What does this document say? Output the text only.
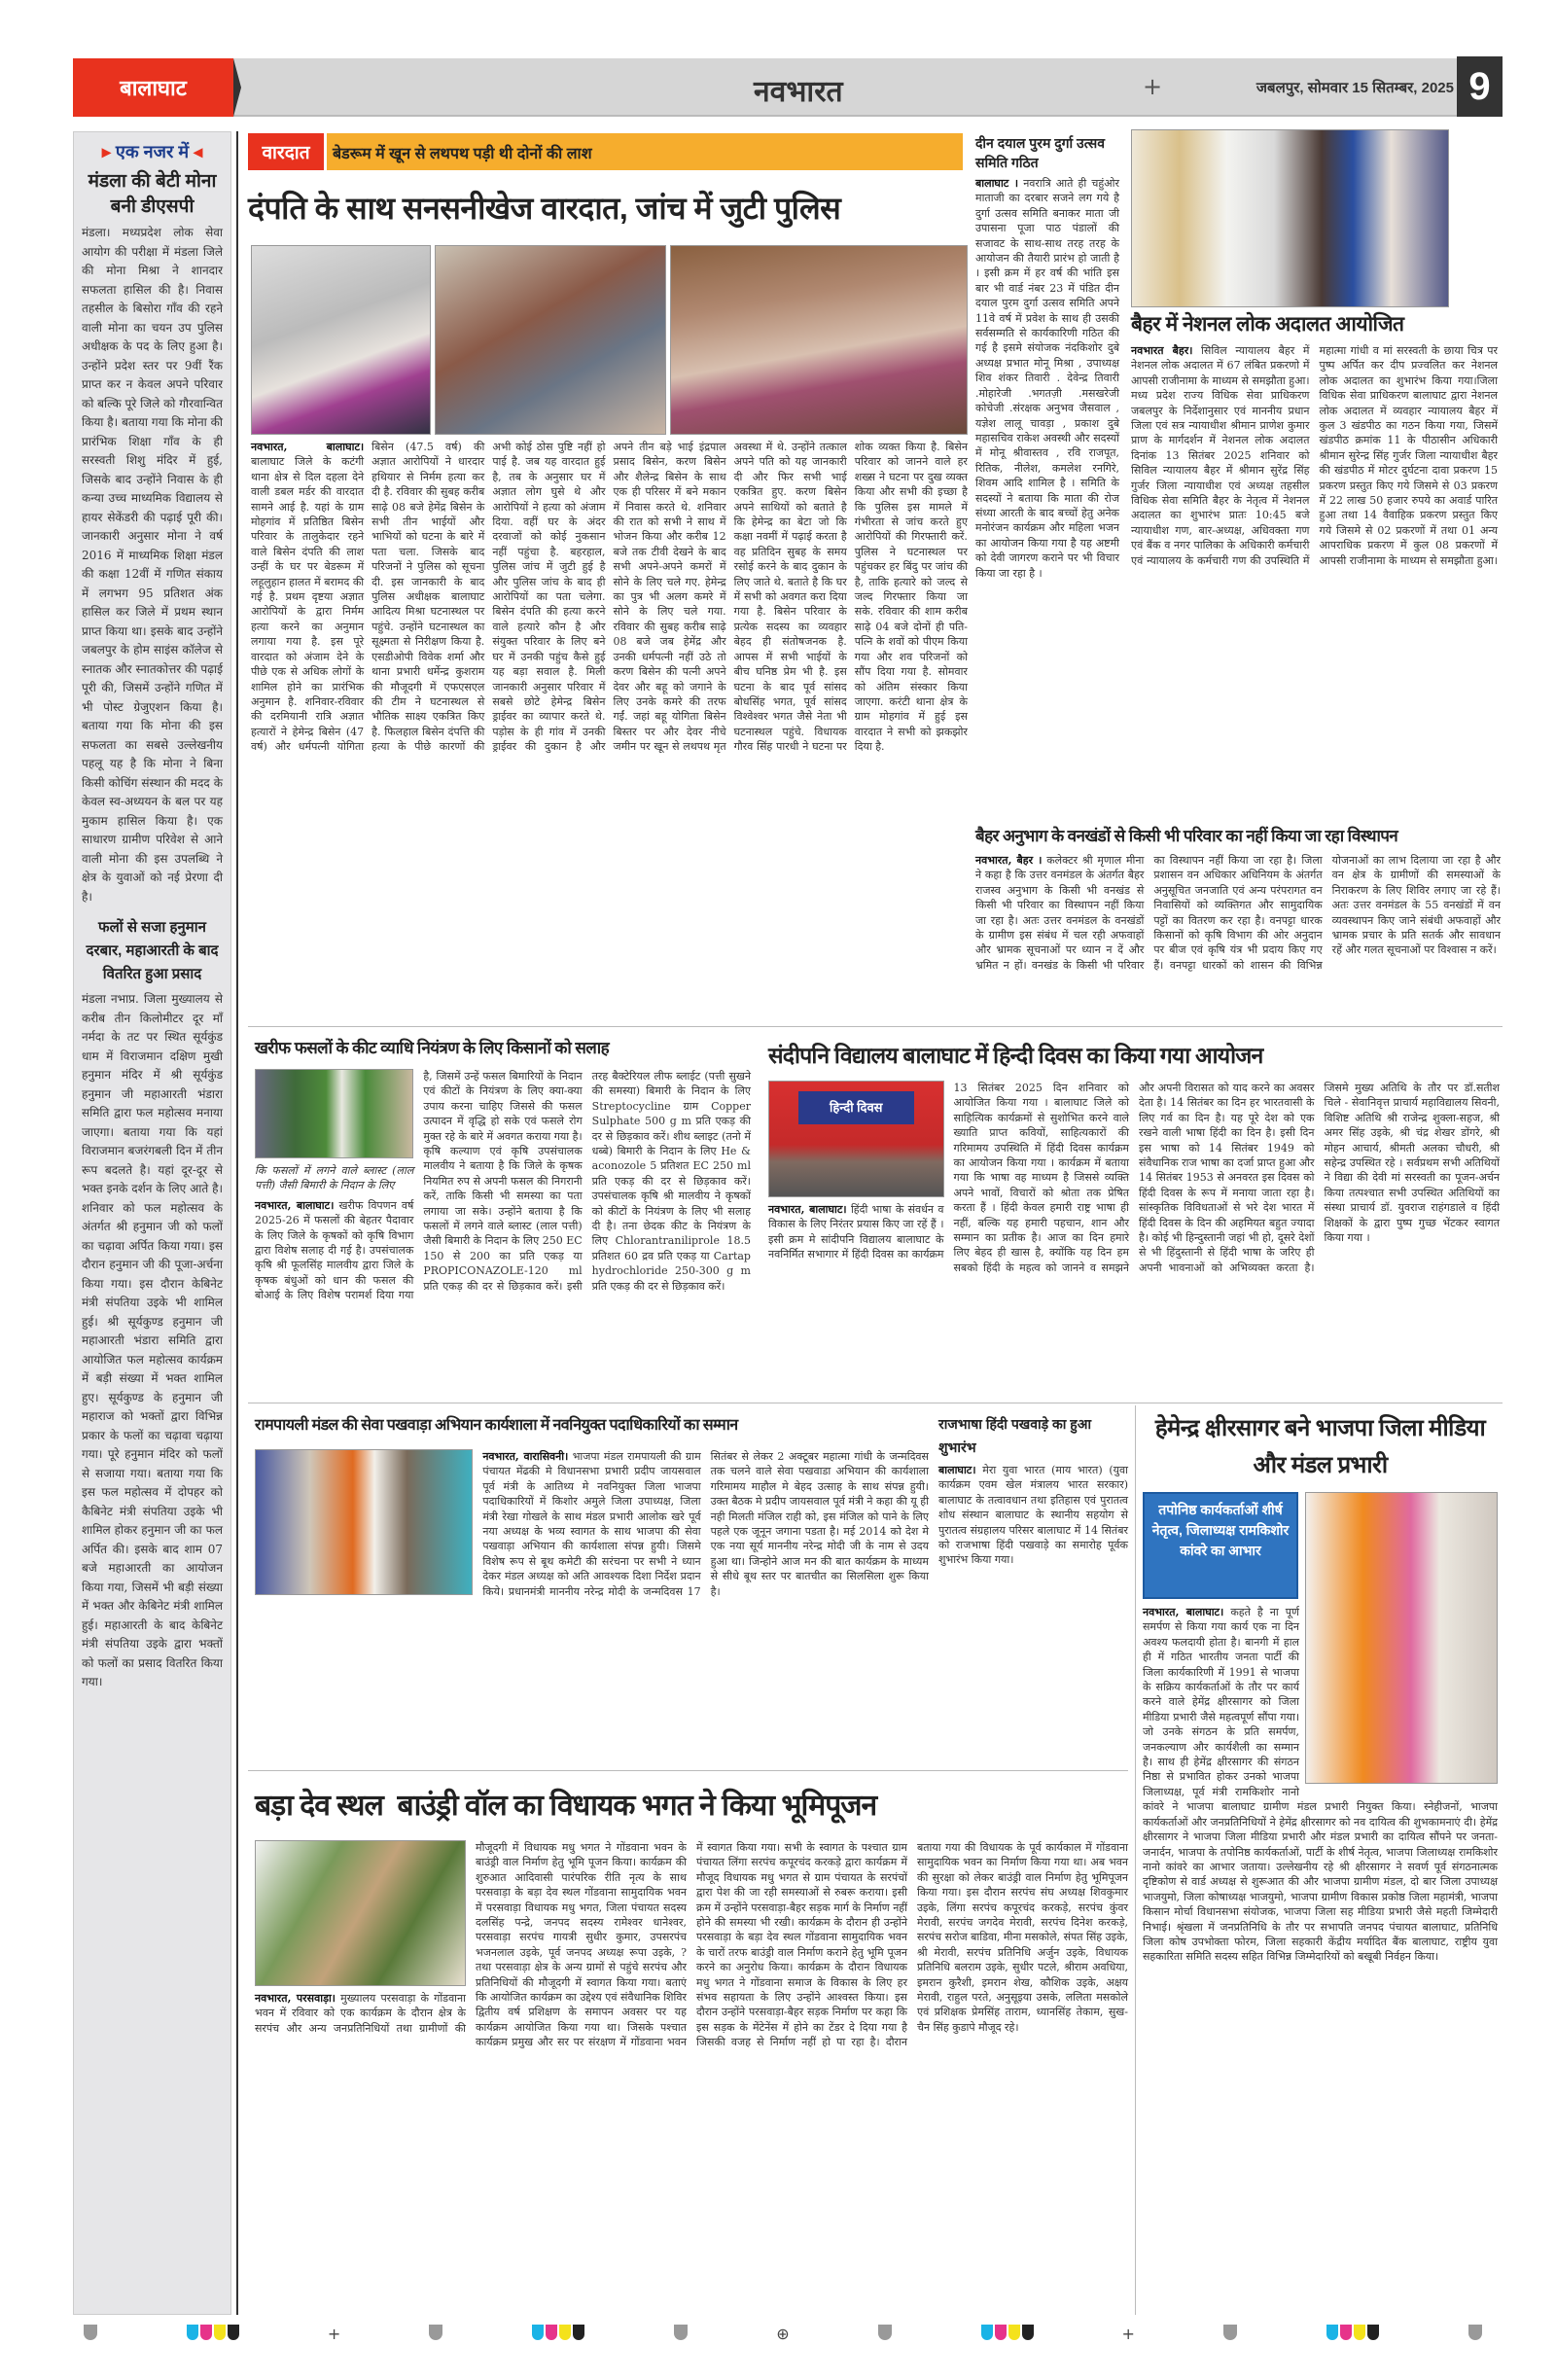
बालाघाट	नवभारत	+	जबलपुर, सोमवार 15 सितम्बर, 2025 9
▸ एक नजर में ◂
मंडला की बेटी मोना बनी डीएसपी
मंडला। मध्यप्रदेश लोक सेवा आयोग की परीक्षा में मंडला जिले की मोना मिश्रा ने शानदार सफलता हासिल की है। निवास तहसील के बिसोरा गाँव की रहने वाली मोना का चयन उप पुलिस अधीक्षक के पद के लिए हुआ है। उन्होंने प्रदेश स्तर पर 9वीं रैंक प्राप्त कर न केवल अपने परिवार को बल्कि पूरे जिले को गौरवान्वित किया है। बताया गया कि मोना की प्रारंभिक शिक्षा गाँव के ही सरस्वती शिशु मंदिर में हुई, जिसके बाद उन्होंने निवास के ही कन्या उच्च माध्यमिक विद्यालय से हायर सेकेंडरी की पढ़ाई पूरी की। जानकारी अनुसार मोना ने वर्ष 2016 में माध्यमिक शिक्षा मंडल की कक्षा 12वीं में गणित संकाय में लगभग 95 प्रतिशत अंक हासिल कर जिले में प्रथम स्थान प्राप्त किया था। इसके बाद उन्होंने जबलपुर के होम साइंस कॉलेज से स्नातक और स्नातकोत्तर की पढ़ाई पूरी की, जिसमें उन्होंने गणित में भी पोस्ट ग्रेजुएशन किया है। बताया गया कि मोना की इस सफलता का सबसे उल्लेखनीय पहलू यह है कि मोना ने बिना किसी कोचिंग संस्थान की मदद के केवल स्व-अध्ययन के बल पर यह मुकाम हासिल किया है। एक साधारण ग्रामीण परिवेश से आने वाली मोना की इस उपलब्धि ने क्षेत्र के युवाओं को नई प्रेरणा दी है।
फलों से सजा हनुमान दरबार, महाआरती के बाद वितरित हुआ प्रसाद
मंडला नभाप्र. जिला मुख्यालय से करीब तीन किलोमीटर दूर माँ नर्मदा के तट पर स्थित सूर्यकुंड धाम में विराजमान दक्षिण मुखी हनुमान मंदिर में श्री सूर्यकुंड हनुमान जी महाआरती भंडारा समिति द्वारा फल महोत्सव मनाया जाएगा। बताया गया कि यहां विराजमान बजरंगबली दिन में तीन रूप बदलते है। यहां दूर-दूर से भक्त इनके दर्शन के लिए आते है। शनिवार को फल महोत्सव के अंतर्गत श्री हनुमान जी को फलों का चढ़ावा अर्पित किया गया। इस दौरान हनुमान जी की पूजा-अर्चना किया गया। इस दौरान केबिनेट मंत्री संपतिया उइके भी शामिल हुई। श्री सूर्यकुण्ड हनुमान जी महाआरती भंडारा समिति द्वारा आयोजित फल महोत्सव कार्यक्रम में बड़ी संख्या में भक्त शामिल हुए। सूर्यकुण्ड के हनुमान जी महाराज को भक्तों द्वारा विभिन्न प्रकार के फलों का चढ़ावा चढ़ाया गया। पूरे हनुमान मंदिर को फलों से सजाया गया। बताया गया कि इस फल महोत्सव में दोपहर को कैबिनेट मंत्री संपतिया उइके भी शामिल होकर हनुमान जी का फल अर्पित की। इसके बाद शाम 07 बजे महाआरती का आयोजन किया गया, जिसमें भी बड़ी संख्या में भक्त और केबिनेट मंत्री शामिल हुई। महाआरती के बाद केबिनेट मंत्री संपतिया उइके द्वारा भक्तों को फलों का प्रसाद वितरित किया गया।
वारदात	बेडरूम में खून से लथपथ पड़ी थी दोनों की लाश
दंपति के साथ सनसनीखेज वारदात, जांच में जुटी पुलिस
नवभारत, बालाघाट। बालाघाट जिले के कटंगी थाना क्षेत्र से दिल दहला देने वाली डबल मर्डर की वारदात सामने आई है. यहां के ग्राम मोहगांव में प्रतिष्ठित बिसेन परिवार के तालुकेदार रहने वाले बिसेन दंपति की लाश उन्हीं के घर पर बेडरूम में लहूलुहान हालत में बरामद की गई है. प्रथम दृष्टया अज्ञात आरोपियों के द्वारा निर्मम हत्या करने का अनुमान लगाया गया है. इस पूरे वारदात को अंजाम देने के पीछे एक से अधिक लोगों के शामिल होने का प्रारंभिक अनुमान है. शनिवार-रविवार की दरमियानी रात्रि अज्ञात हत्यारों ने हेमेन्द्र बिसेन (47 वर्ष) और धर्मपत्नी योगिता बिसेन (47.5 वर्ष) की अज्ञात आरोपियों ने धारदार हथियार से निर्मम हत्या कर दी है. रविवार की सुबह करीब साढ़े 08 बजे हेमेंद्र बिसेन के सभी तीन भाईयों और भाभियों को घटना के बारे में पता चला. जिसके बाद परिजनों ने पुलिस को सूचना दी. इस जानकारी के बाद पुलिस अधीक्षक बालाघाट आदित्य मिश्रा घटनास्थल पर पहुंचे. उन्होंने घटनास्थल का सूक्ष्मता से निरीक्षण किया है. एसडीओपी विवेक शर्मा और थाना प्रभारी धर्मेन्द्र कुशराम की मौजूदगी में एफएसएल की टीम ने घटनास्थल से भौतिक साक्ष्य एकत्रित किए है. फिलहाल बिसेन दंपत्ति की हत्या के पीछे कारणों की अभी कोई ठोस पुष्टि नहीं हो पाई है. जब यह वारदात हुई है, तब के अनुसार घर में अज्ञात लोग घुसे थे और आरोपियों ने हत्या को अंजाम दिया. वहीं घर के अंदर दरवाजों को कोई नुकसान नहीं पहुंचा है. बहरहाल, पुलिस जांच में जुटी हुई है और पुलिस जांच के बाद ही आरोपियों का पता चलेगा. बिसेन दंपति की हत्या करने वाले हत्यारे कौन है और संयुक्त परिवार के लिए बने घर में उनकी पहुंच कैसे हुई यह बड़ा सवाल है. मिली जानकारी अनुसार परिवार में सबसे छोटे हेमेन्द्र बिसेन ड्राईवर का व्यापार करते थे. पड़ोस के ही गांव में उनकी ड्राईवर की दुकान है और अपने तीन बड़े भाई इंद्रपाल प्रसाद बिसेन, करण बिसेन और शैलेन्द्र बिसेन के साथ एक ही परिसर में बने मकान में निवास करते थे. शनिवार की रात को सभी ने साथ में भोजन किया और करीब 12 बजे तक टीवी देखने के बाद सभी अपने-अपने कमरों में सोने के लिए चले गए. हेमेन्द्र का पुत्र भी अलग कमरे में सोने के लिए चले गया. रविवार की सुबह करीब साढ़े 08 बजे जब हेमेंद्र और उनकी धर्मपत्नी नहीं उठे तो करण बिसेन की पत्नी अपने देवर और बहू को जगाने के लिए उनके कमरे की तरफ गईं. जहां बहू योगिता बिसेन बिस्तर पर और देवर नीचे जमीन पर खून से लथपथ मृत अवस्था में थे. उन्होंने तत्काल अपने पति को यह जानकारी दी और फिर सभी भाई एकत्रित हुए. करण बिसेन अपने साथियों को बताते है कि हेमेन्द्र का बेटा जो कि कक्षा नवमीं में पढ़ाई करता है वह प्रतिदिन सुबह के समय रसोई करने के बाद दुकान के लिए जाते थे. बताते है कि घर में सभी को अवगत करा दिया गया है. बिसेन परिवार के प्रत्येक सदस्य का व्यवहार बेहद ही संतोषजनक है. आपस में सभी भाईयों के बीच घनिष्ठ प्रेम भी है. इस घटना के बाद पूर्व सांसद बोधसिंह भगत, पूर्व सांसद विश्वेश्वर भगत जैसे नेता भी घटनास्थल पहुंचे. विधायक गौरव सिंह पारधी ने घटना पर शोक व्यक्त किया है. बिसेन परिवार को जानने वाले हर शख्स ने घटना पर दुख व्यक्त किया और सभी की इच्छा है कि पुलिस इस मामले में गंभीरता से जांच करते हुए आरोपियों की गिरफ्तारी करें. पुलिस ने घटनास्थल पर पहुंचकर हर बिंदु पर जांच की है, ताकि हत्यारे को जल्द से जल्द गिरफ्तार किया जा सके. रविवार की शाम करीब साढ़े 04 बजे दोनों ही पति-पत्नि के शवों को पीएम किया गया और शव परिजनों को सौंप दिया गया है. सोमवार को अंतिम संस्कार किया जाएगा. करंटी थाना क्षेत्र के ग्राम मोहगांव में हुई इस वारदात ने सभी को झकझोर दिया है.
दीन दयाल पुरम दुर्गा उत्सव समिति गठित
बालाघाट । नवरात्रि आते ही चहुंओर माताजी का दरबार सजने लग गये है दुर्गा उत्सव समिति बनाकर माता जी उपासना पूजा पाठ पंडालों की सजावट के साथ-साथ तरह तरह के आयोजन की तैयारी प्रारंभ हो जाती है । इसी क्रम में हर वर्ष की भांति इस बार भी वार्ड नंबर 23 में पंडित दीन दयाल पुरम दुर्गा उत्सव समिति अपने 11वे वर्ष में प्रवेश के साथ ही उसकी सर्वसम्मति से कार्यकारिणी गठित की गई है इसमे संयोजक नंदकिशोर दुबे अध्यक्ष प्रभात मोनू मिश्रा , उपाध्यक्ष शिव शंकर तिवारी . देवेन्द्र तिवारी .मोहारेजी .भगतज़ी .मसखरेजी कोचेजी .संरक्षक अनुभव जैसवाल , यज्ञेश लालू चावड़ा , प्रकाश दुबे महासचिव राकेश अवस्थी और सदस्यों में मोनू श्रीवास्तव , रवि राजपूत, रितिक, नीलेश, कमलेश रनगिरे, शिवम आदि शामिल है । समिति के सदस्यों ने बताया कि माता की रोज संध्या आरती के बाद बच्चों हेतु अनेक मनोरंजन कार्यक्रम और महिला भजन का आयोजन किया गया है यह अष्टमी को देवी जागरण कराने पर भी विचार किया जा रहा है ।
बैहर में नेशनल लोक अदालत आयोजित
नवभारत बैहर। सिविल न्यायालय बैहर में नेशनल लोक अदालत में 67 लंबित प्रकरणो में आपसी राजीनामा के माध्यम से समझौता हुआ। मध्य प्रदेश राज्य विधिक सेवा प्राधिकरण जबलपुर के निर्देशानुसार एवं माननीय प्रधान जिला एवं सत्र न्यायाधीश श्रीमान प्राणेश कुमार प्राण के मार्गदर्शन में नेशनल लोक अदालत दिनांक 13 सितंबर 2025 शनिवार को सिविल न्यायालय बैहर में श्रीमान सुरेंद्र सिंह गुर्जर जिला न्यायाधीश एवं अध्यक्ष तहसील विधिक सेवा समिति बैहर के नेतृत्व में नेशनल अदालत का शुभारंभ प्रातः 10:45 बजे न्यायाधीश गण, बार-अध्यक्ष, अधिवक्ता गण एवं बैंक व नगर पालिका के अधिकारी कर्मचारी एवं न्यायालय के कर्मचारी गण की उपस्थिति में महात्मा गांधी व मां सरस्वती के छाया चित्र पर पुष्प अर्पित कर दीप प्रज्वलित कर नेशनल लोक अदालत का शुभारंभ किया गया।जिला विधिक सेवा प्राधिकरण बालाघाट द्वारा नेशनल लोक अदालत में व्यवहार न्यायालय बैहर में कुल 3 खंडपीठ का गठन किया गया, जिसमें खंडपीठ क्रमांक 11 के पीठासीन अधिकारी श्रीमान सुरेन्द्र सिंह गुर्जर जिला न्यायाधीश बैहर की खंडपीठ में मोटर दुर्घटना दावा प्रकरण 15 प्रकरण प्रस्तुत किए गये जिसमे से 03 प्रकरण में 22 लाख 50 हजार रुपये का अवार्ड पारित हुआ तथा 14 वैवाहिक प्रकरण प्रस्तुत किए गये जिसमे से 02 प्रकरणों में तथा 01 अन्य आपराधिक प्रकरण में कुल 08 प्रकरणों में आपसी राजीनामा के माध्यम से समझौता हुआ।
बैहर अनुभाग के वनखंडों से किसी भी परिवार का नहीं किया जा रहा विस्थापन
नवभारत, बैहर । कलेक्टर श्री मृणाल मीना ने कहा है कि उत्तर वनमंडल के अंतर्गत बैहर राजस्व अनुभाग के किसी भी वनखंड से किसी भी परिवार का विस्थापन नहीं किया जा रहा है। अतः उत्तर वनमंडल के वनखंडों के ग्रामीण इस संबंध में चल रही अफवाहों और भ्रामक सूचनाओं पर ध्यान न दें और भ्रमित न हों। वनखंड के किसी भी परिवार का विस्थापन नहीं किया जा रहा है। जिला प्रशासन वन अधिकार अधिनियम के अंतर्गत अनुसूचित जनजाति एवं अन्य परंपरागत वन निवासियों को व्यक्तिगत और सामुदायिक पट्टों का वितरण कर रहा है। वनपट्टा धारक किसानों को कृषि विभाग की ओर अनुदान पर बीज एवं कृषि यंत्र भी प्रदाय किए गए हैं। वनपट्टा धारकों को शासन की विभिन्न योजनाओं का लाभ दिलाया जा रहा है और वन क्षेत्र के ग्रामीणों की समस्याओं के निराकरण के लिए शिविर लगाए जा रहे हैं। अतः उत्तर वनमंडल के 55 वनखंडों में वन व्यवस्थापन किए जाने संबंधी अफवाहों और भ्रामक प्रचार के प्रति सतर्क और सावधान रहें और गलत सूचनाओं पर विश्वास न करें।
खरीफ फसलों के कीट व्याधि नियंत्रण के लिए किसानों को सलाह
कि फसलों में लगने वाले ब्लास्ट (लाल पत्ती) जैसी बिमारी के निदान के लिए
नवभारत, बालाघाट। खरीफ विपणन वर्ष 2025-26 में फसलों की बेहतर पैदावार के लिए जिले के कृषकों को कृषि विभाग द्वारा विशेष सलाह दी गई है। उपसंचालक कृषि श्री फूलसिंह मालवीय द्वारा जिले के कृषक बंधुओं को धान की फसल की बोआई के लिए विशेष परामर्श दिया गया है, जिसमें उन्हें फसल बिमारियों के निदान एवं कीटों के नियंत्रण के लिए क्या-क्या उपाय करना चाहिए जिससे की फसल उत्पादन में वृद्धि हो सके एवं फसले रोग मुक्त रहे के बारे में अवगत कराया गया है। कृषि कल्याण एवं कृषि उपसंचालक मालवीय ने बताया है कि जिले के कृषक नियमित रुप से अपनी फसल की निगरानी करें, ताकि किसी भी समस्या का पता लगाया जा सके। उन्होंने बताया है कि फसलों में लगने वाले ब्लास्ट (लाल पत्ती) जैसी बिमारी के निदान के लिए 250 EC 150 से 200 का प्रति एकड़ या PROPICONAZOLE-120 ml प्रति एकड़ की दर से छिड़काव करें। इसी तरह बैक्टेरियल लीफ ब्लाईट (पत्ती सुखने की समस्या) बिमारी के निदान के लिए Streptocycline ग्राम Copper Sulphate 500 g m प्रति एकड़ की दर से छिड़काव करें। शीथ ब्लाइट (तनो में धब्बे) बिमारी के निदान के लिए He & aconozole 5 प्रतिशत EC 250 ml प्रति एकड़ की दर से छिड़काव करें। उपसंचालक कृषि श्री मालवीय ने कृषकों को कीटों के नियंत्रण के लिए भी सलाह दी है। तना छेदक कीट के नियंत्रण के लिए Chlorantraniliprole 18.5 प्रतिशत 60 द्रव प्रति एकड़ या Cartap hydrochloride 250-300 g m प्रति एकड़ की दर से छिड़काव करें।
संदीपनि विद्यालय बालाघाट में हिन्दी दिवस का किया गया आयोजन
हिन्दी दिवस
नवभारत, बालाघाट। हिंदी भाषा के संवर्धन व विकास के लिए निरंतर प्रयास किए जा रहें हैं । इसी क्रम मे सांदीपनि विद्यालय बालाघाट के नवनिर्मित सभागार में हिंदी दिवस का कार्यक्रम 13 सितंबर 2025 दिन शनिवार को आयोजित किया गया । बालाघाट जिले को साहित्यिक कार्यक्रमों से सुशोभित करने वाले ख्याति प्राप्त कवियों, साहित्यकारों की गरिमामय उपस्थिति में हिंदी दिवस कार्यक्रम का आयोजन किया गया । कार्यक्रम में बताया गया कि भाषा वह माध्यम है जिससे व्यक्ति अपने भावों, विचारों को श्रोता तक प्रेषित करता हैं । हिंदी केवल हमारी राष्ट्र भाषा ही नहीं, बल्कि यह हमारी पहचान, शान और सम्मान का प्रतीक है। आज का दिन हमारे लिए बेहद ही खास है, क्योंकि यह दिन हम सबको हिंदी के महत्व को जानने व समझने और अपनी विरासत को याद करने का अवसर देता है। 14 सितंबर का दिन हर भारतवासी के लिए गर्व का दिन है। यह पूरे देश को एक रखने वाली भाषा हिंदी का दिन है। इसी दिन इस भाषा को 14 सितंबर 1949 को संवैधानिक राज भाषा का दर्जा प्राप्त हुआ और 14 सितंबर 1953 से अनवरत इस दिवस को हिंदी दिवस के रूप में मनाया जाता रहा है। सांस्कृतिक विविधताओं से भरे देश भारत में हिंदी दिवस के दिन की अहमियत बहुत ज्यादा है। कोई भी हिन्दुस्तानी जहां भी हो, दूसरे देशों से भी हिंदुस्तानी से हिंदी भाषा के जरिए ही अपनी भावनाओं को अभिव्यक्त करता है। जिसमे मुख्य अतिथि के तौर पर डॉ.सतीश चिले - सेवानिवृत्त प्राचार्य महाविद्यालय सिवनी, विशिष्ट अतिथि श्री राजेन्द्र शुक्ला-सहज, श्री अमर सिंह उइके, श्री चंद्र शेखर डोंगरे, श्री मोहन आचार्य, श्रीमती अलका चौधरी, श्री सहेन्द्र उपस्थित रहे । सर्वप्रथम सभी अतिथियों ने विद्या की देवी मां सरस्वती का पूजन-अर्चन किया तत्पश्चात सभी उपस्थित अतिथियों का संस्था प्राचार्य डॉ. युवराज राहंगडाले व हिंदी शिक्षकों के द्वारा पुष्प गुच्छ भेंटकर स्वागत किया गया ।
रामपायली मंडल की सेवा पखवाड़ा अभियान कार्यशाला में नवनियुक्त पदाधिकारियों का सम्मान
नवभारत, वारासिवनी। भाजपा मंडल रामपायली की ग्राम पंचायत मेंढकी मे विधानसभा प्रभारी प्रदीप जायसवाल पूर्व मंत्री के आतिथ्य मे नवनियुक्त जिला भाजपा पदाधिकारियों में किशोर अमुले जिला उपाध्यक्ष, जिला मंत्री रेखा गोखले के साथ मंडल प्रभारी आलोक खरे पूर्व नया अध्यक्ष के भव्य स्वागत के साथ भाजपा की सेवा पखवाड़ा अभियान की कार्यशाला संपन्न हुयी। जिसमे विशेष रूप से बूथ कमेटी की सरंचना पर सभी ने ध्यान देकर मंडल अध्यक्ष को अति आवश्यक दिशा निर्देश प्रदान किये। प्रधानमंत्री माननीय नरेन्द्र मोदी के जन्मदिवस 17 सितंबर से लेकर 2 अक्टूबर महात्मा गांधी के जन्मदिवस तक चलने वाले सेवा पखवाडा अभियान की कार्यशाला गरिमामय माहौल मे बेहद उत्साह के साथ संपन्न हुयी। उक्त बैठक मे प्रदीप जायसवाल पूर्व मंत्री ने कहा की यू ही नही मिलती मंजिल राही को, इस मंजिल को पाने के लिए पहले एक जूनून जगाना पडता है। मई 2014 को देश मे एक नया सूर्य माननीय नरेन्द्र मोदी जी के नाम से उदय हुआ था। जिन्होने आज मन की बात कार्यक्रम के माध्यम से सीधे बूथ स्तर पर बातचीत का सिलसिला शुरू किया है।
राजभाषा हिंदी पखवाड़े का हुआ शुभारंभ
बालाघाट। मेरा युवा भारत (माय भारत) (युवा कार्यक्रम एवम खेल मंत्रालय भारत सरकार) बालाघाट के तत्वावधान तथा इतिहास एवं पुरातत्व शोध संस्थान बालाघाट के स्थानीय सहयोग से पुरातत्व संग्रहालय परिसर बालाघाट में 14 सितंबर को राजभाषा हिंदी पखवाड़े का समारोह पूर्वक शुभारंभ किया गया।
हेमेन्द्र क्षीरसागर बने भाजपा जिला मीडिया और मंडल प्रभारी
तपोनिष्ठ कार्यकर्ताओं शीर्ष नेतृत्व, जिलाध्यक्ष रामकिशोर कांवरे का आभार
नवभारत, बालाघाट। कहते है ना पूर्ण समर्पण से किया गया कार्य एक ना दिन अवश्य फलदायी होता है। बानगी में हाल ही में गठित भारतीय जनता पार्टी की जिला कार्यकारिणी में 1991 से भाजपा के सक्रिय कार्यकर्ताओं के तौर पर कार्य करने वाले हेमेंद्र क्षीरसागर को जिला मीडिया प्रभारी जैसे महत्वपूर्ण सौंपा गया। जो उनके संगठन के प्रति समर्पण, जनकल्याण और कार्यशैली का सम्मान है। साथ ही हेमेंद्र क्षीरसागर की संगठन निष्ठा से प्रभावित होकर उनको भाजपा जिलाध्यक्ष, पूर्व मंत्री रामकिशोर नानो कांवरे ने भाजपा बालाघाट ग्रामीण मंडल प्रभारी नियुक्त किया। स्नेहीजनों, भाजपा कार्यकर्ताओं और जनप्रतिनिधियों ने हेमेंद्र क्षीरसागर को नव दायित्व की शुभकामनाएं दी। हेमेंद्र क्षीरसागर ने भाजपा जिला मीडिया प्रभारी और मंडल प्रभारी का दायित्व सौंपने पर जनता-जनार्दन, भाजपा के तपोनिष्ठ कार्यकर्ताओं, पार्टी के शीर्ष नेतृत्व, भाजपा जिलाध्यक्ष रामकिशोर नानो कांवरे का आभार जताया। उल्लेखनीय रहे श्री क्षीरसागर ने सवर्ण पूर्व संगठनात्मक दृष्टिकोण से वार्ड अध्यक्ष से शुरूआत की और भाजपा ग्रामीण मंडल, दो बार जिला उपाध्यक्ष भाजयुमो, जिला कोषाध्यक्ष भाजयुमो, भाजपा ग्रामीण विकास प्रकोष्ठ जिला महामंत्री, भाजपा किसान मोर्चा विधानसभा संयोजक, भाजपा जिला सह मीडिया प्रभारी जैसे महती जिम्मेदारी निभाई। श्रृंखला में जनप्रतिनिधि के तौर पर सभापति जनपद पंचायत बालाघाट, प्रतिनिधि जिला कोष उपभोक्ता फोरम, जिला सहकारी केंद्रीय मर्यादित बैंक बालाघाट, राष्ट्रीय युवा सहकारिता समिति सदस्य सहित विभिन्न जिम्मेदारियों को बखूबी निर्वहन किया।
बड़ा देव स्थल  बाउंड्री वॉल का विधायक भगत ने किया भूमिपूजन
नवभारत, परसवाड़ा। मुख्यालय परसवाड़ा के गोंडवाना भवन में रविवार को एक कार्यक्रम के दौरान क्षेत्र के सरपंच और अन्य जनप्रतिनिधियों तथा ग्रामीणों की मौजूदगी में विधायक मधु भगत ने गोंडवाना भवन के बाउंड्री वाल निर्माण हेतु भूमि पूजन किया। कार्यक्रम की शुरुआत आदिवासी पारंपरिक रीति नृत्य के साथ परसवाड़ा के बड़ा देव स्थल गोंडवाना सामुदायिक भवन में परसवाड़ा विधायक मधु भगत, जिला पंचायत सदस्य दलसिंह पन्द्रे, जनपद सदस्य रामेश्वर धानेश्वर, परसवाड़ा सरपंच गायत्री सुधीर कुमार, उपसरपंच भजनलाल उइके, पूर्व जनपद अध्यक्ष रूपा उइके, ? तथा परसवाड़ा क्षेत्र के अन्य ग्रामों से पहुंचे सरपंच और प्रतिनिधियों की मौजूदगी में स्वागत किया गया। बताएं कि आयोजित कार्यक्रम का उद्देश्य एवं संवैधानिक शिविर द्वितीय वर्ष प्रशिक्षण के समापन अवसर पर यह कार्यक्रम आयोजित किया गया था। जिसके पश्चात कार्यक्रम प्रमुख और सर पर संरक्षण में गोंडवाना भवन में स्वागत किया गया। सभी के स्वागत के पश्चात ग्राम पंचायत लिंगा सरपंच कपूरचंद करकड़े द्वारा कार्यक्रम में मौजूद विधायक मधु भगत से ग्राम पंचायत के सरपंचों द्वारा पेश की जा रही समस्याओं से रुबरू कराया। इसी क्रम में उन्होंने परसवाड़ा-बैहर सड़क मार्ग के निर्माण नहीं होने की समस्या भी रखी। कार्यक्रम के दौरान ही उन्होंने परसवाड़ा के बड़ा देव स्थल गोंडवाना सामुदायिक भवन के चारों तरफ बाउंड्री वाल निर्माण कराने हेतु भूमि पूजन करने का अनुरोध किया। कार्यक्रम के दौरान विधायक मधु भगत ने गोंडवाना समाज के विकास के लिए हर संभव सहायता के लिए उन्होंने आश्वस्त किया। इस दौरान उन्होंने परसवाड़ा-बैहर सड़क निर्माण पर कहा कि इस सड़क के मेंटेनेंस में होने का टेंडर दे दिया गया है जिसकी वजह से निर्माण नहीं हो पा रहा है। दौरान बताया गया की विधायक के पूर्व कार्यकाल में गोंडवाना सामुदायिक भवन का निर्माण किया गया था। अब भवन की सुरक्षा को लेकर बाउंड्री वाल निर्माण हेतु भूमिपूजन किया गया। इस दौरान सरपंच संघ अध्यक्ष शिवकुमार उइके, लिंगा सरपंच कपूरचंद करकड़े, सरपंच कुंवर मेरावी, सरपंच जगदेव मेरावी, सरपंच दिनेश करकड़े, सरपंच सरोज बाडिवा, मीना मसकोले, संपत सिंह उइके, श्री मेरावी, सरपंच प्रतिनिधि अर्जुन उइके, विधायक प्रतिनिधि बलराम उइके, सुधीर पटले, श्रीराम अवधिया, इमरान कुरैशी, इमरान शेख, कौशिक उइके, अक्षय मेरावी, राहुल परते, अनुसूइया उसके, ललिता मसकोले एवं प्रशिक्षक प्रेमसिंह ताराम, ध्यानसिंह तेकाम, सुख-चैन सिंह कुडापे मौजूद रहे।
+	⊕	+
